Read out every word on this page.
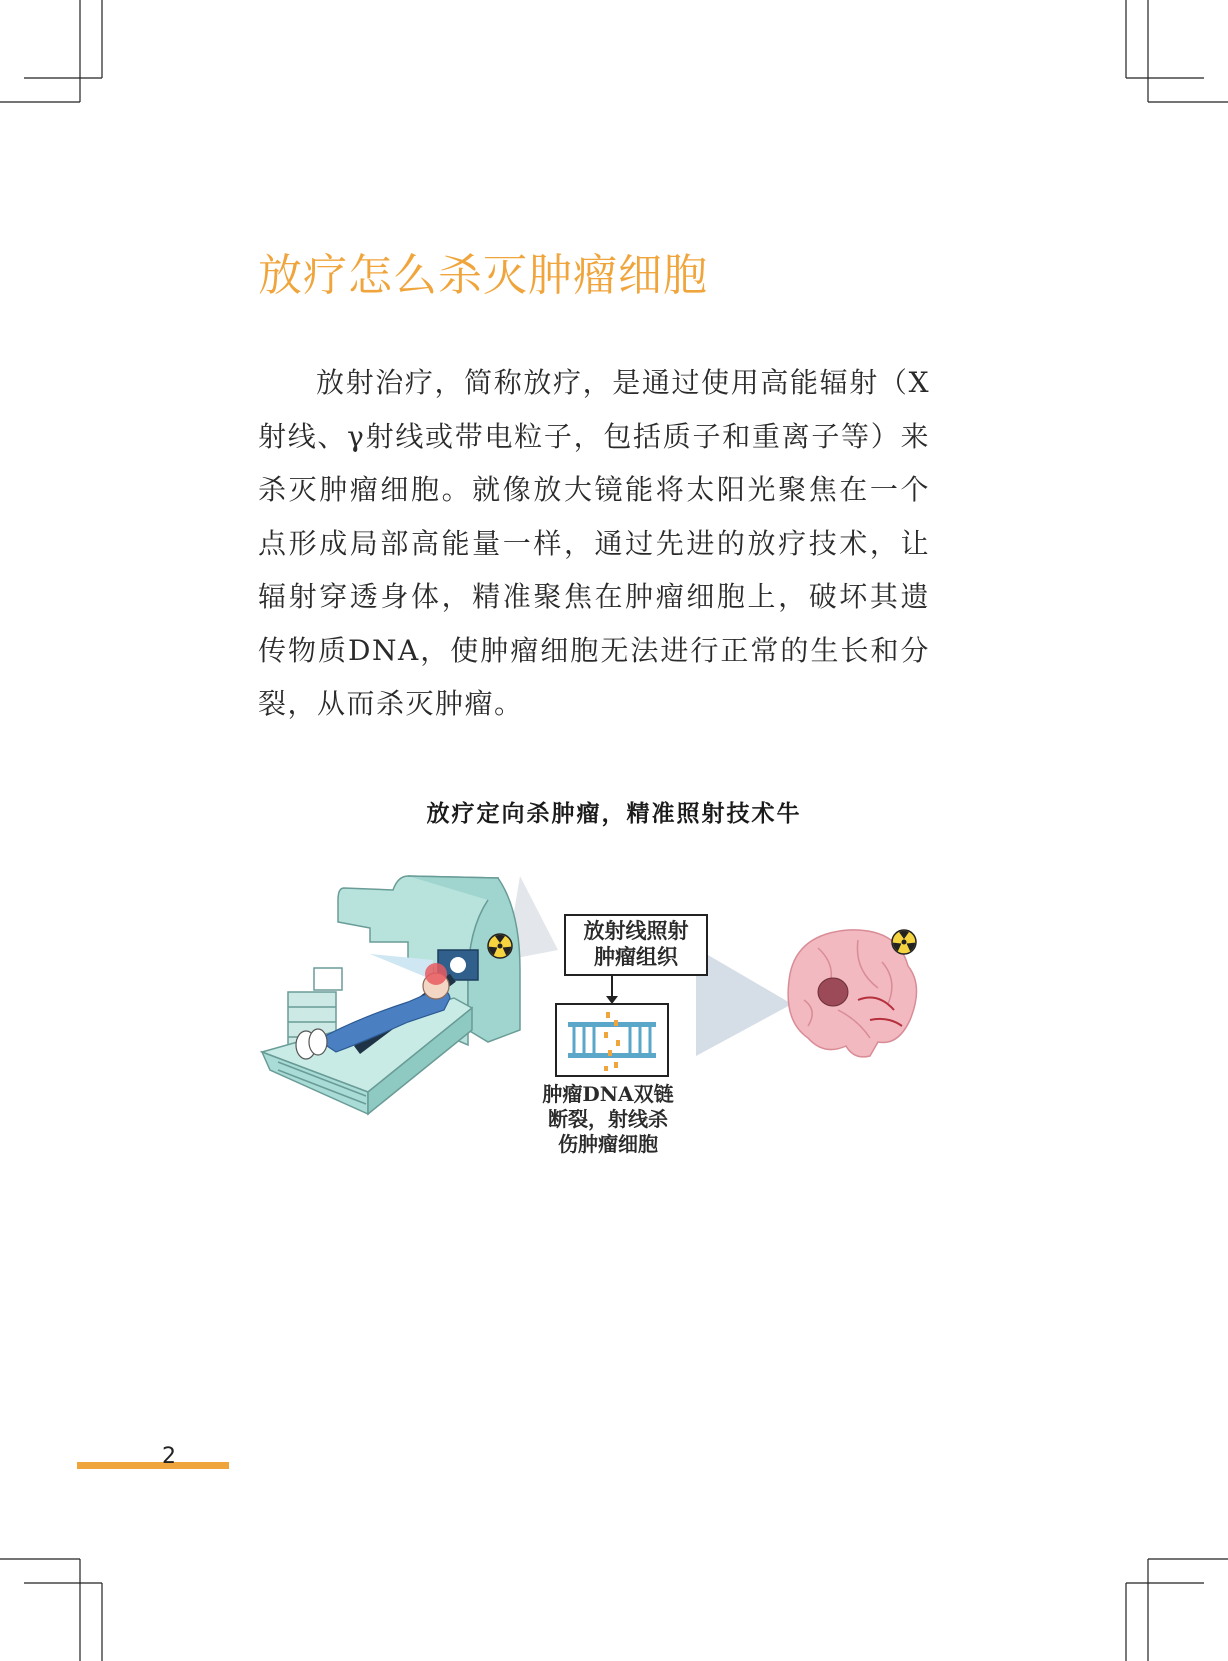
放疗怎么杀灭肿瘤细胞

放射治疗，简称放疗，是通过使用高能辐射（X射线、γ射线或带电粒子，包括质子和重离子等）来杀灭肿瘤细胞。就像放大镜能将太阳光聚焦在一个点形成局部高能量一样，通过先进的放疗技术，让辐射穿透身体，精准聚焦在肿瘤细胞上，破坏其遗传物质DNA，使肿瘤细胞无法进行正常的生长和分裂，从而杀灭肿瘤。

放疗定向杀肿瘤，精准照射技术牛
放射线照射
肿瘤组织
肿瘤DNA双链
断裂，射线杀
伤肿瘤细胞
2
